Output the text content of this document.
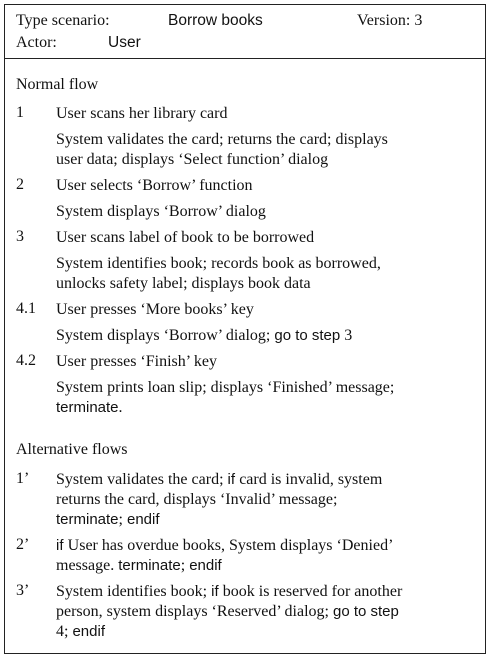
Type scenario:	Borrow books	Version: 3
Actor:	User
Normal flow
1 User scans her library card
System validates the card; returns the card; displays
user data; displays ‘Select function’ dialog
2 User selects ‘Borrow’ function
System displays ‘Borrow’ dialog
3 User scans label of book to be borrowed
System identifies book; records book as borrowed,
unlocks safety label; displays book data
4.1 User presses ‘More books’ key
System displays ‘Borrow’ dialog; go to step 3
4.2 User presses ‘Finish’ key
System prints loan slip; displays ‘Finished’ message;
terminate.
Alternative flows
1’ System validates the card; if card is invalid, system
returns the card, displays ‘Invalid’ message;
terminate; endif
2’ if User has overdue books, System displays ‘Denied’
message. terminate; endif
3’ System identifies book; if book is reserved for another
person, system displays ‘Reserved’ dialog; go to step
4; endif
